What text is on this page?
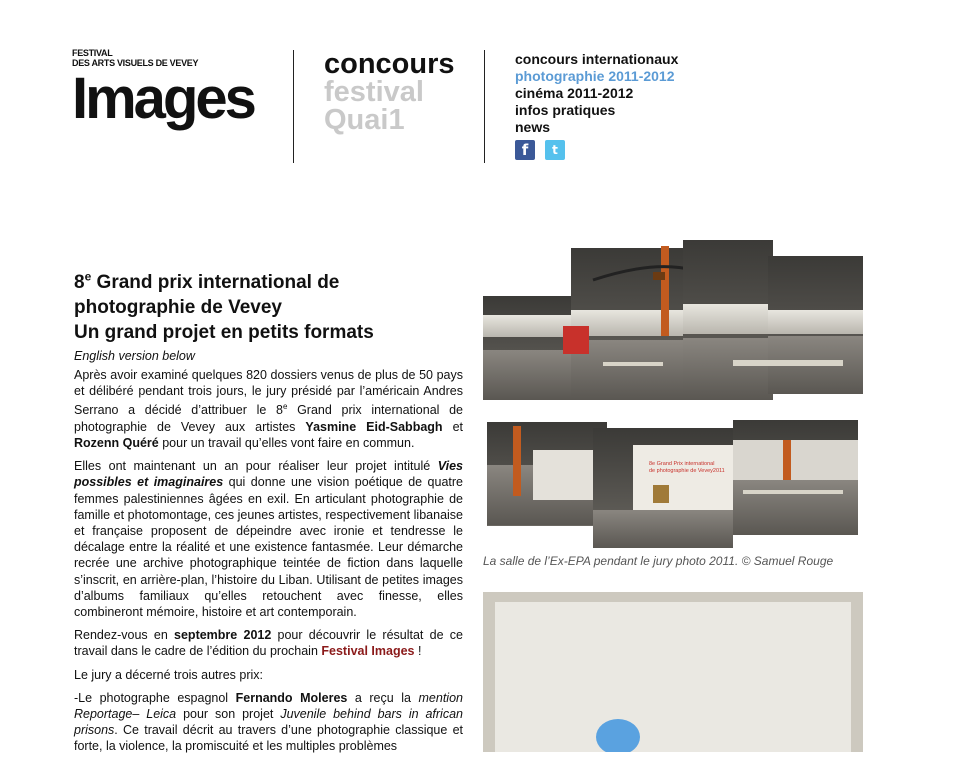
FESTIVAL
DES ARTS VISUELS DE VEVEY
Images
concours
festival
Quai1
concours internationaux
photographie 2011-2012
cinéma 2011-2012
infos pratiques
news
f	t
8e Grand prix international de photographie de Vevey
Un grand projet en petits formats
English version below

Après avoir examiné quelques 820 dossiers venus de plus de 50 pays et délibéré pendant trois jours, le jury présidé par l’américain Andres Serrano a décidé d’attribuer le 8e Grand prix international de photographie de Vevey aux artistes Yasmine Eid-Sabbagh et Rozenn Quéré pour un travail qu’elles vont faire en commun.

Elles ont maintenant un an pour réaliser leur projet intitulé Vies possibles et imaginaires qui donne une vision poétique de quatre femmes palestiniennes âgées en exil. En articulant photographie de famille et photomontage, ces jeunes artistes, respectivement libanaise et française proposent de dépeindre avec ironie et tendresse le décalage entre la réalité et une existence fantasmée. Leur démarche recrée une archive photographique teintée de fiction dans laquelle s’inscrit, en arrière-plan, l’histoire du Liban. Utilisant de petites images d’albums familiaux qu’elles retouchent avec finesse, elles combineront mémoire, histoire et art contemporain.

Rendez-vous en septembre 2012 pour découvrir le résultat de ce travail dans le cadre de l’édition du prochain Festival Images !

Le jury a décerné trois autres prix:

-Le photographe espagnol Fernando Moleres a reçu la mention Reportage– Leica pour son projet Juvenile behind bars in african prisons. Ce travail décrit au travers d’une photographie classique et forte, la violence, la promiscuité et les multiples problèmes

8e Grand Prix international
de photographie de Vevey2011
La salle de l’Ex-EPA pendant le jury photo 2011. © Samuel Rouge
